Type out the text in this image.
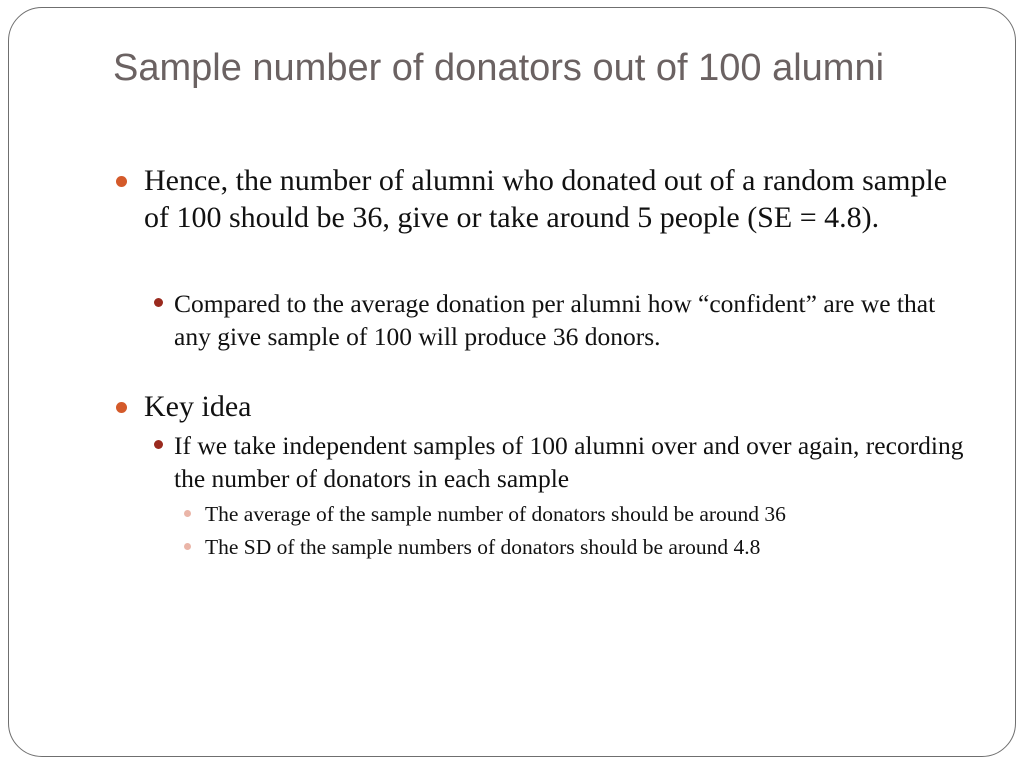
Sample number of donators out of 100 alumni
Hence, the number of alumni who donated out of a random sample of 100 should be 36, give or take around 5 people (SE = 4.8).
Compared to the average donation per alumni how “confident” are we that any give sample of 100 will produce 36 donors.
Key idea
If we take independent samples of 100 alumni over and over again, recording the number of donators in each sample
The average of the sample number of donators should be around 36
The SD of the sample numbers of donators should be around 4.8
